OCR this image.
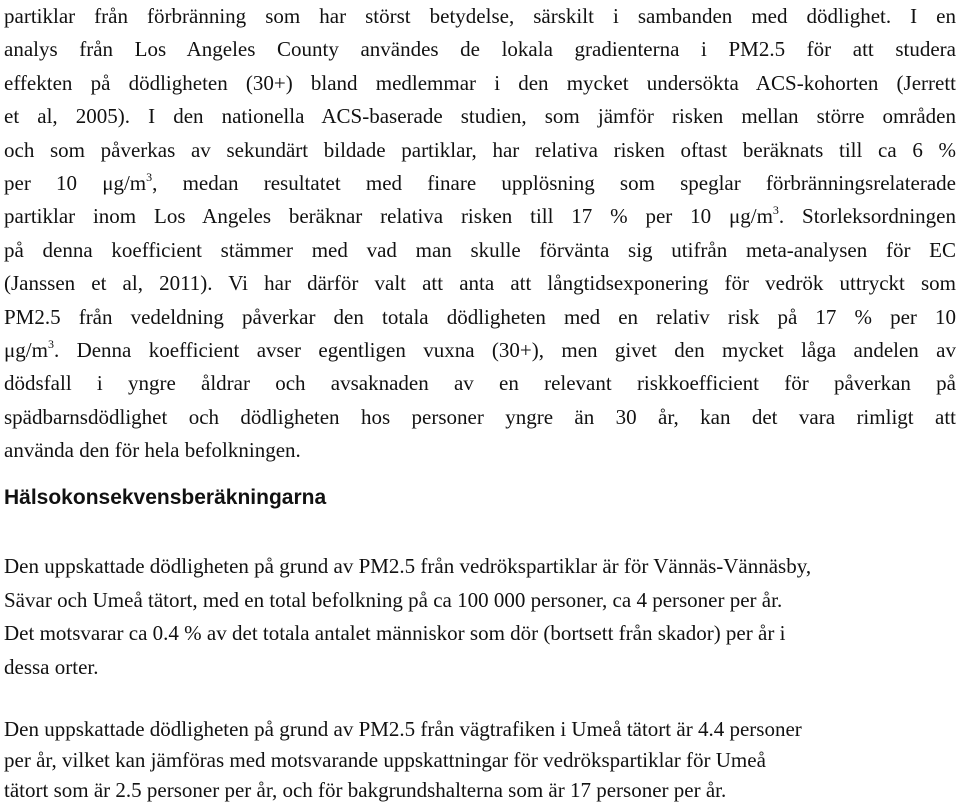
partiklar från förbränning som har störst betydelse, särskilt i sambanden med dödlighet. I en
analys från Los Angeles County användes de lokala gradienterna i PM2.5 för att studera
effekten på dödligheten (30+) bland medlemmar i den mycket undersökta ACS-kohorten (Jerrett
et al, 2005). I den nationella ACS-baserade studien, som jämför risken mellan större områden
och som påverkas av sekundärt bildade partiklar, har relativa risken oftast beräknats till ca 6 %
per 10 $\mu g/m^3$, medan resultatet med finare upplösning som speglar förbränningsrelaterade
partiklar inom Los Angeles beräknar relativa risken till 17 % per 10 $\mu g/m^3$. Storleksordningen
på denna koefficient stämmer med vad man skulle förvänta sig utifrån meta-analysen för EC
(Janssen et al, 2011). Vi har därför valt att anta att långtidsexponering för vedrök uttryckt som
PM2.5 från vedeldning påverkar den totala dödligheten med en relativ risk på 17 % per 10
$\mu g/m^3$. Denna koefficient avser egentligen vuxna (30+), men givet den mycket låga andelen av
dödsfall i yngre åldrar och avsaknaden av en relevant riskkoefficient för påverkan på
spädbarnsdödlighet och dödligheten hos personer yngre än 30 år, kan det vara rimligt att
använda den för hela befolkningen.

Hälsokonsekvensberäkningarna

Den uppskattade dödligheten på grund av PM2.5 från vedrökspartiklar är för Vännäs-Vännäsby,
Sävar och Umeå tätort, med en total befolkning på ca 100 000 personer, ca 4 personer per år.
Det motsvarar ca 0.4 % av det totala antalet människor som dör (bortsett från skador) per år i
dessa orter.

Den uppskattade dödligheten på grund av PM2.5 från vägtrafiken i Umeå tätort är 4.4 personer
per år, vilket kan jämföras med motsvarande uppskattningar för vedrökspartiklar för Umeå
tätort som är 2.5 personer per år, och för bakgrundshalterna som är 17 personer per år.
